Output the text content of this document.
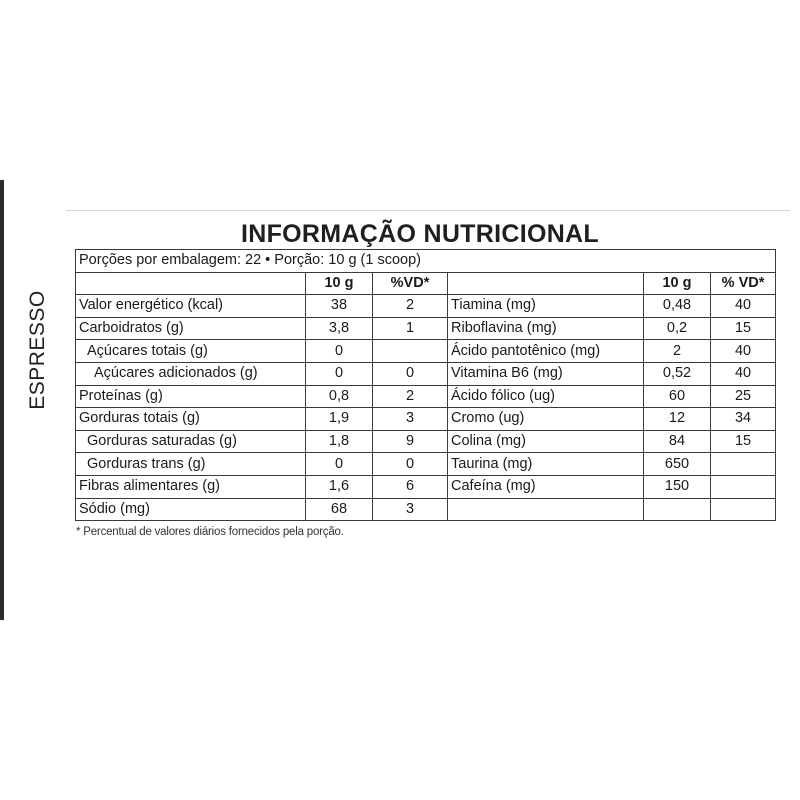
ESPRESSO
INFORMAÇÃO NUTRICIONAL
Porções por embalagem: 22 • Porção: 10 g (1 scoop)					
	10 g	%VD*		10 g	% VD*
Valor energético (kcal)	38	2	Tiamina (mg)	0,48	40
Carboidratos (g)	3,8	1	Riboflavina (mg)	0,2	15
Açúcares totais (g)	0		Ácido pantotênico (mg)	2	40
Açúcares adicionados (g)	0	0	Vitamina B6 (mg)	0,52	40
Proteínas (g)	0,8	2	Ácido fólico (ug)	60	25
Gorduras totais (g)	1,9	3	Cromo (ug)	12	34
Gorduras saturadas (g)	1,8	9	Colina (mg)	84	15
Gorduras trans (g)	0	0	Taurina (mg)	650	
Fibras alimentares (g)	1,6	6	Cafeína (mg)	150	
Sódio (mg)	68	3			
* Percentual de valores diários fornecidos pela porção.
